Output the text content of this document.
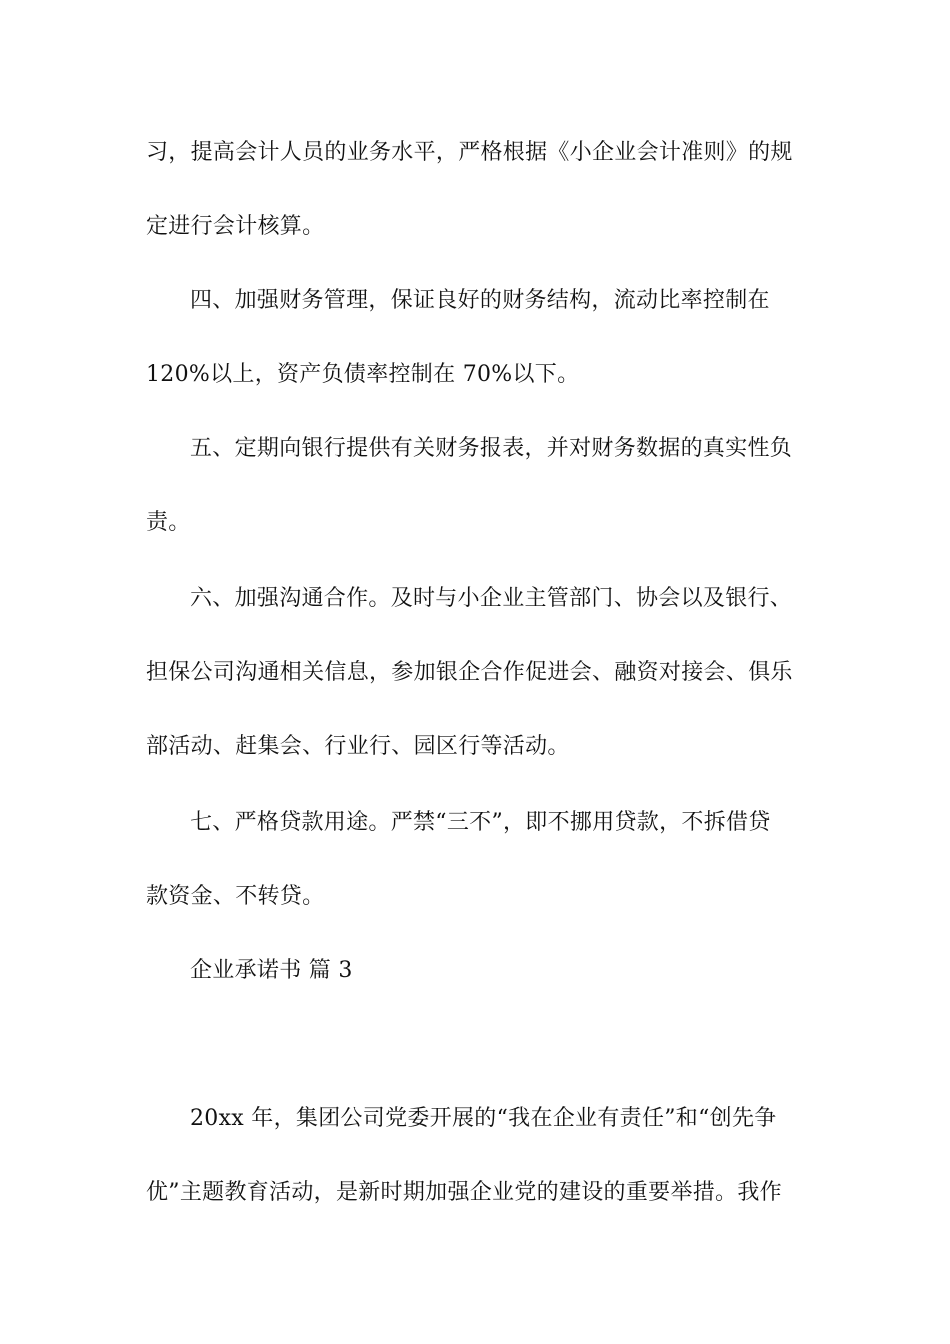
习，提高会计人员的业务水平，严格根据《小企业会计准则》的规
定进行会计核算。
四、加强财务管理，保证良好的财务结构，流动比率控制在
120%以上，资产负债率控制在 70%以下。
五、定期向银行提供有关财务报表，并对财务数据的真实性负
责。
六、加强沟通合作。及时与小企业主管部门、协会以及银行、
担保公司沟通相关信息，参加银企合作促进会、融资对接会、俱乐
部活动、赶集会、行业行、园区行等活动。
七、严格贷款用途。严禁“三不”，即不挪用贷款，不拆借贷
款资金、不转贷。
企业承诺书 篇 3
20xx 年，集团公司党委开展的“我在企业有责任”和“创先争
优”主题教育活动，是新时期加强企业党的建设的重要举措。我作
